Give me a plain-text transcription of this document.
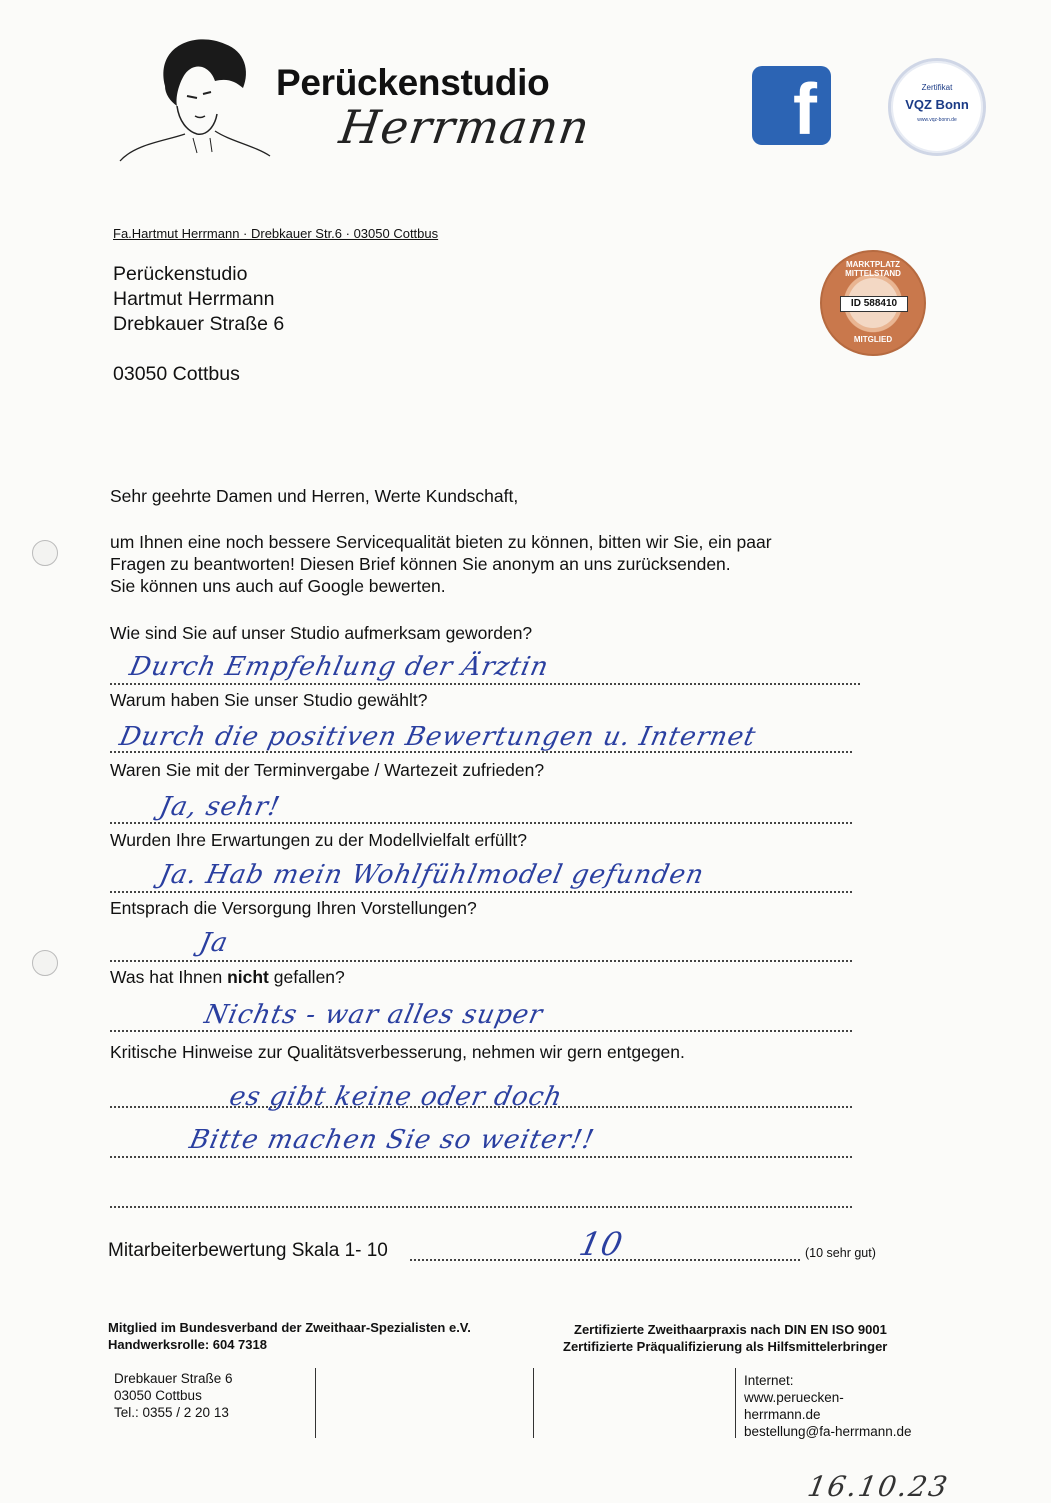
Perückenstudio
Herrmann	f	Zertifikat
VQZ Bonn
www.vqz-bonn.de
Fa.Hartmut Herrmann · Drebkauer Str.6 · 03050 Cottbus
Perückenstudio
Hartmut Herrmann
Drebkauer Straße 6
03050 Cottbus
MARKTPLATZ MITTELSTAND
ID 588410
MITGLIED
Sehr geehrte Damen und Herren, Werte Kundschaft,
um Ihnen eine noch bessere Servicequalität bieten zu können, bitten wir Sie, ein paar
Fragen zu beantworten! Diesen Brief können Sie anonym an uns zurücksenden.
Sie können uns auch auf Google bewerten.
Wie sind Sie auf unser Studio aufmerksam geworden?
Durch Empfehlung der Ärztin
Warum haben Sie unser Studio gewählt?
Durch die positiven Bewertungen u. Internet
Waren Sie mit der Terminvergabe / Wartezeit zufrieden?
Ja, sehr!
Wurden Ihre Erwartungen zu der Modellvielfalt erfüllt?
Ja. Hab mein Wohlfühlmodel gefunden
Entsprach die Versorgung Ihren Vorstellungen?
Ja
Was hat Ihnen nicht gefallen?
Nichts - war alles super
Kritische Hinweise zur Qualitätsverbesserung, nehmen wir gern entgegen.
es gibt keine oder doch
Bitte machen Sie so weiter!!
Mitarbeiterbewertung Skala 1- 10	10	(10 sehr gut)
Mitglied im Bundesverband der Zweithaar-Spezialisten e.V.
Handwerksrolle: 604 7318
Zertifizierte Zweithaarpraxis nach DIN EN ISO 9001
Zertifizierte Präqualifizierung als Hilfsmittelerbringer
Drebkauer Straße 6
03050 Cottbus
Tel.: 0355 / 2 20 13
Internet:
www.peruecken-
herrmann.de
bestellung@fa-herrmann.de
16.10.23
